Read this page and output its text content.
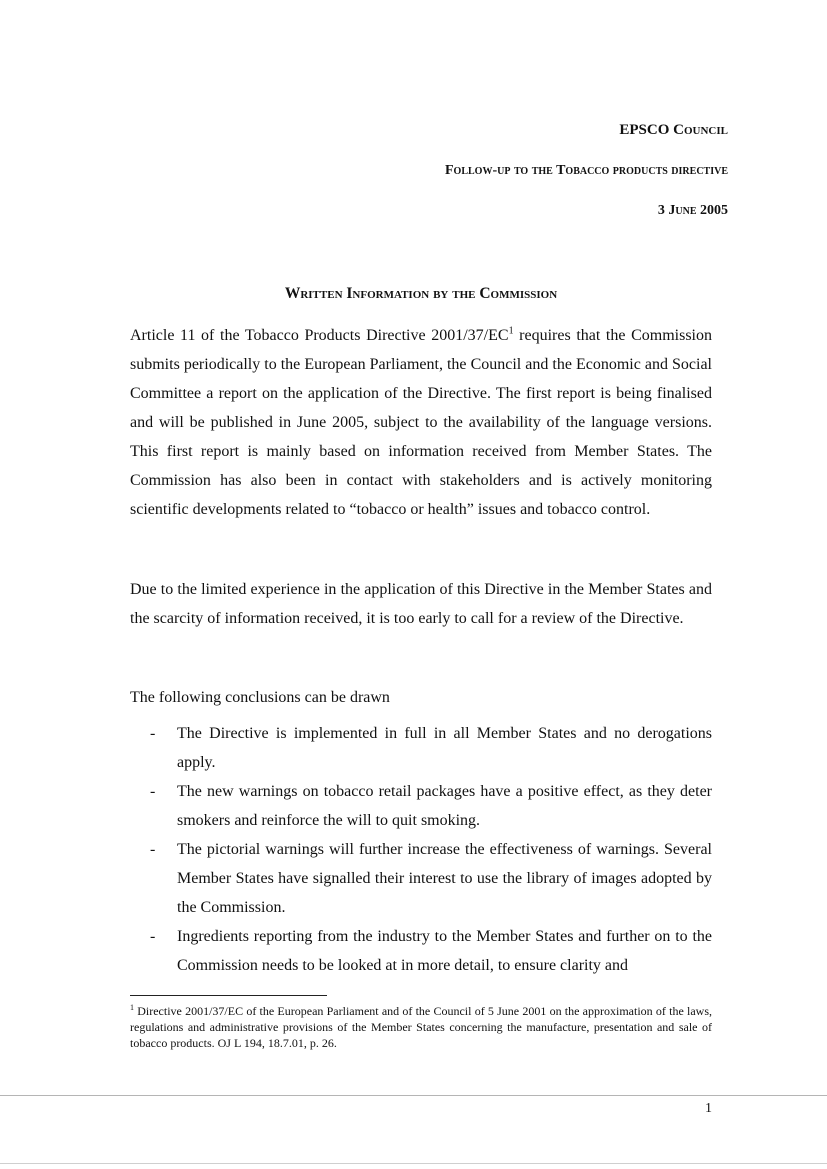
EPSCO Council

Follow-up to the Tobacco products directive

3 June 2005

Written Information by the Commission

Article 11 of the Tobacco Products Directive $2001/37/EC^1$ requires that the Commission submits periodically to the European Parliament, the Council and the Economic and Social Committee a report on the application of the Directive. The first report is being finalised and will be published in June 2005, subject to the availability of the language versions. This first report is mainly based on information received from Member States. The Commission has also been in contact with stakeholders and is actively monitoring scientific developments related to “tobacco or health” issues and tobacco control.

Due to the limited experience in the application of this Directive in the Member States and the scarcity of information received, it is too early to call for a review of the Directive.

The following conclusions can be drawn

- The Directive is implemented in full in all Member States and no derogations apply.
- The new warnings on tobacco retail packages have a positive effect, as they deter smokers and reinforce the will to quit smoking.
- The pictorial warnings will further increase the effectiveness of warnings. Several Member States have signalled their interest to use the library of images adopted by the Commission.
- Ingredients reporting from the industry to the Member States and further on to the Commission needs to be looked at in more detail, to ensure clarity and

$^1$ Directive 2001/37/EC of the European Parliament and of the Council of 5 June 2001 on the approximation of the laws, regulations and administrative provisions of the Member States concerning the manufacture, presentation and sale of tobacco products. OJ L 194, 18.7.01, p. 26.

1
